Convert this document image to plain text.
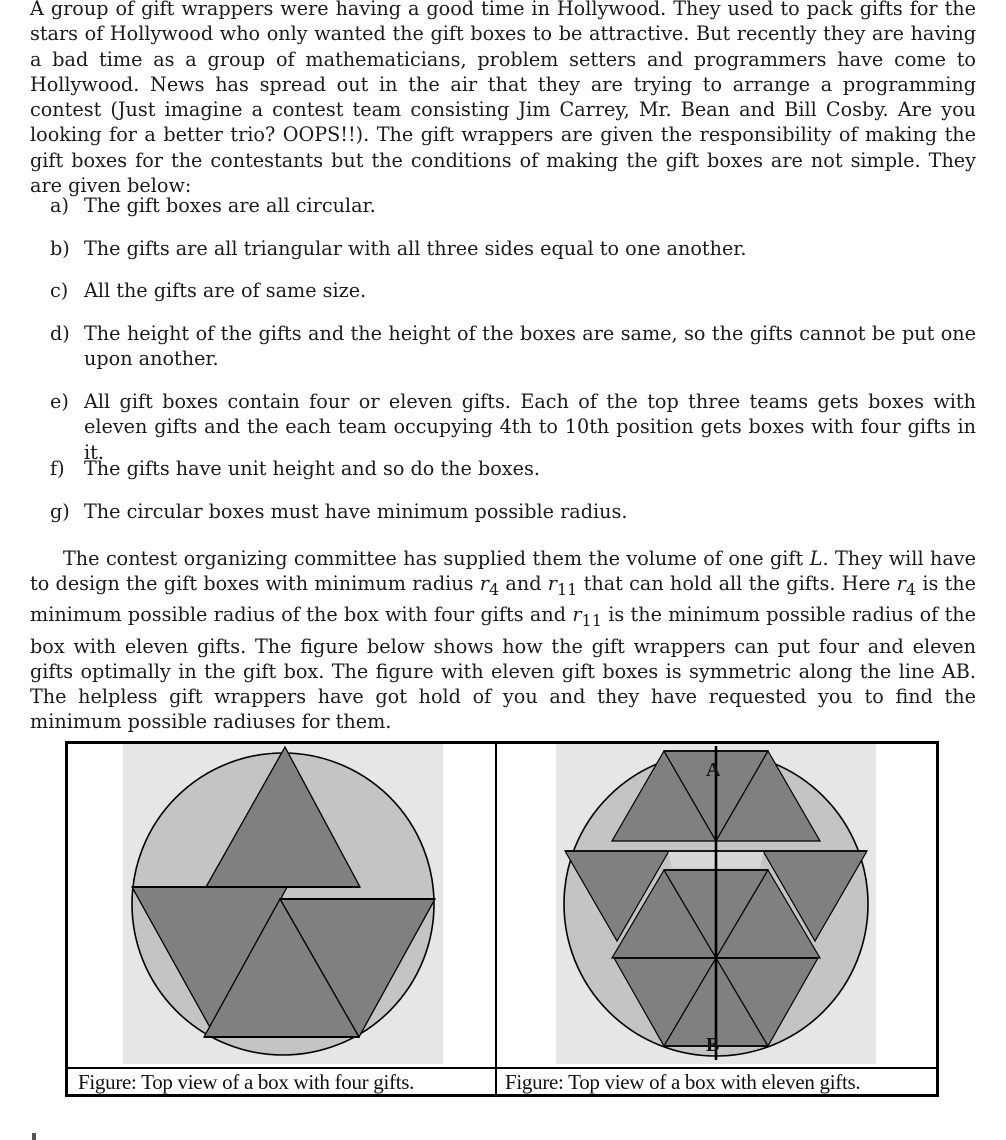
A group of gift wrappers were having a good time in Hollywood. They used to pack gifts for the stars of Hollywood who only wanted the gift boxes to be attractive. But recently they are having a bad time as a group of mathematicians, problem setters and programmers have come to Hollywood. News has spread out in the air that they are trying to arrange a programming contest (Just imagine a contest team consisting Jim Carrey, Mr. Bean and Bill Cosby. Are you looking for a better trio? OOPS!!). The gift wrappers are given the responsibility of making the gift boxes for the contestants but the conditions of making the gift boxes are not simple. They are given below:
a) The gift boxes are all circular.
b) The gifts are all triangular with all three sides equal to one another.
c) All the gifts are of same size.
d) The height of the gifts and the height of the boxes are same, so the gifts cannot be put one upon another.
e) All gift boxes contain four or eleven gifts. Each of the top three teams gets boxes with eleven gifts and the each team occupying 4th to 10th position gets boxes with four gifts in it.
f)	The gifts have unit height and so do the boxes.
g) The circular boxes must have minimum possible radius.
The contest organizing committee has supplied them the volume of one gift L. They will have to design the gift boxes with minimum radius $r_4$ and $r_{11}$ that can hold all the gifts. Here $r_4$ is the minimum possible radius of the box with four gifts and $r_{11}$ is the minimum possible radius of the box with eleven gifts. The figure below shows how the gift wrappers can put four and eleven gifts optimally in the gift box. The figure with eleven gift boxes is symmetric along the line AB. The helpless gift wrappers have got hold of you and they have requested you to find the minimum possible radiuses for them.
A
B
Figure: Top view of a box with four gifts.	Figure: Top view of a box with eleven gifts.
